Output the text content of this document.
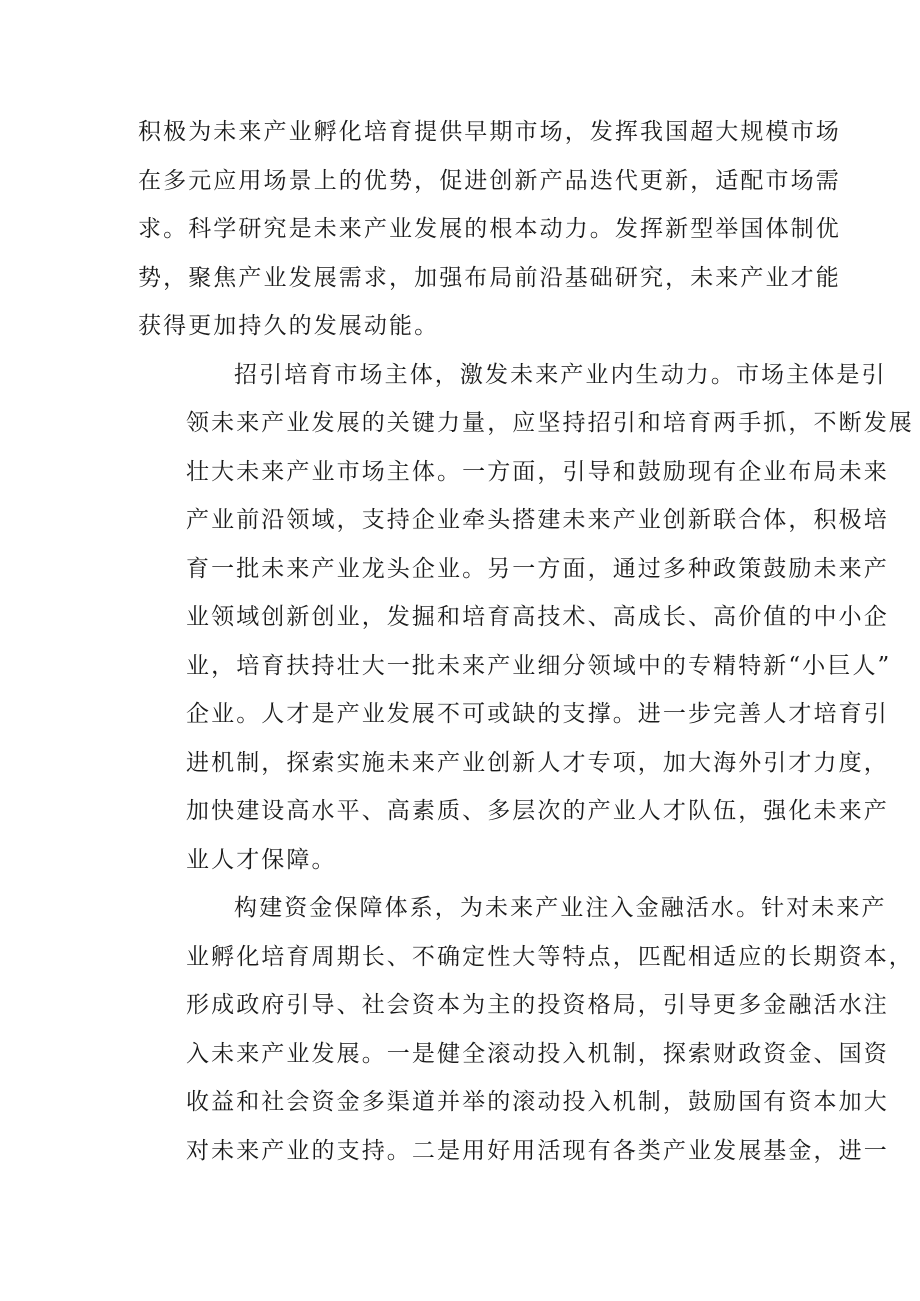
积极为未来产业孵化培育提供早期市场，发挥我国超大规模市场
在多元应用场景上的优势，促进创新产品迭代更新，适配市场需
求。科学研究是未来产业发展的根本动力。发挥新型举国体制优
势，聚焦产业发展需求，加强布局前沿基础研究，未来产业才能
获得更加持久的发展动能。
招引培育市场主体，激发未来产业内生动力。市场主体是引
领未来产业发展的关键力量，应坚持招引和培育两手抓，不断发展
壮大未来产业市场主体。一方面，引导和鼓励现有企业布局未来
产业前沿领域，支持企业牵头搭建未来产业创新联合体，积极培
育一批未来产业龙头企业。另一方面，通过多种政策鼓励未来产
业领域创新创业，发掘和培育高技术、高成长、高价值的中小企
业，培育扶持壮大一批未来产业细分领域中的专精特新“小巨人”
企业。人才是产业发展不可或缺的支撑。进一步完善人才培育引
进机制，探索实施未来产业创新人才专项，加大海外引才力度，
加快建设高水平、高素质、多层次的产业人才队伍，强化未来产
业人才保障。
构建资金保障体系，为未来产业注入金融活水。针对未来产
业孵化培育周期长、不确定性大等特点，匹配相适应的长期资本，
形成政府引导、社会资本为主的投资格局，引导更多金融活水注
入未来产业发展。一是健全滚动投入机制，探索财政资金、国资
收益和社会资金多渠道并举的滚动投入机制，鼓励国有资本加大
对未来产业的支持。二是用好用活现有各类产业发展基金，进一
